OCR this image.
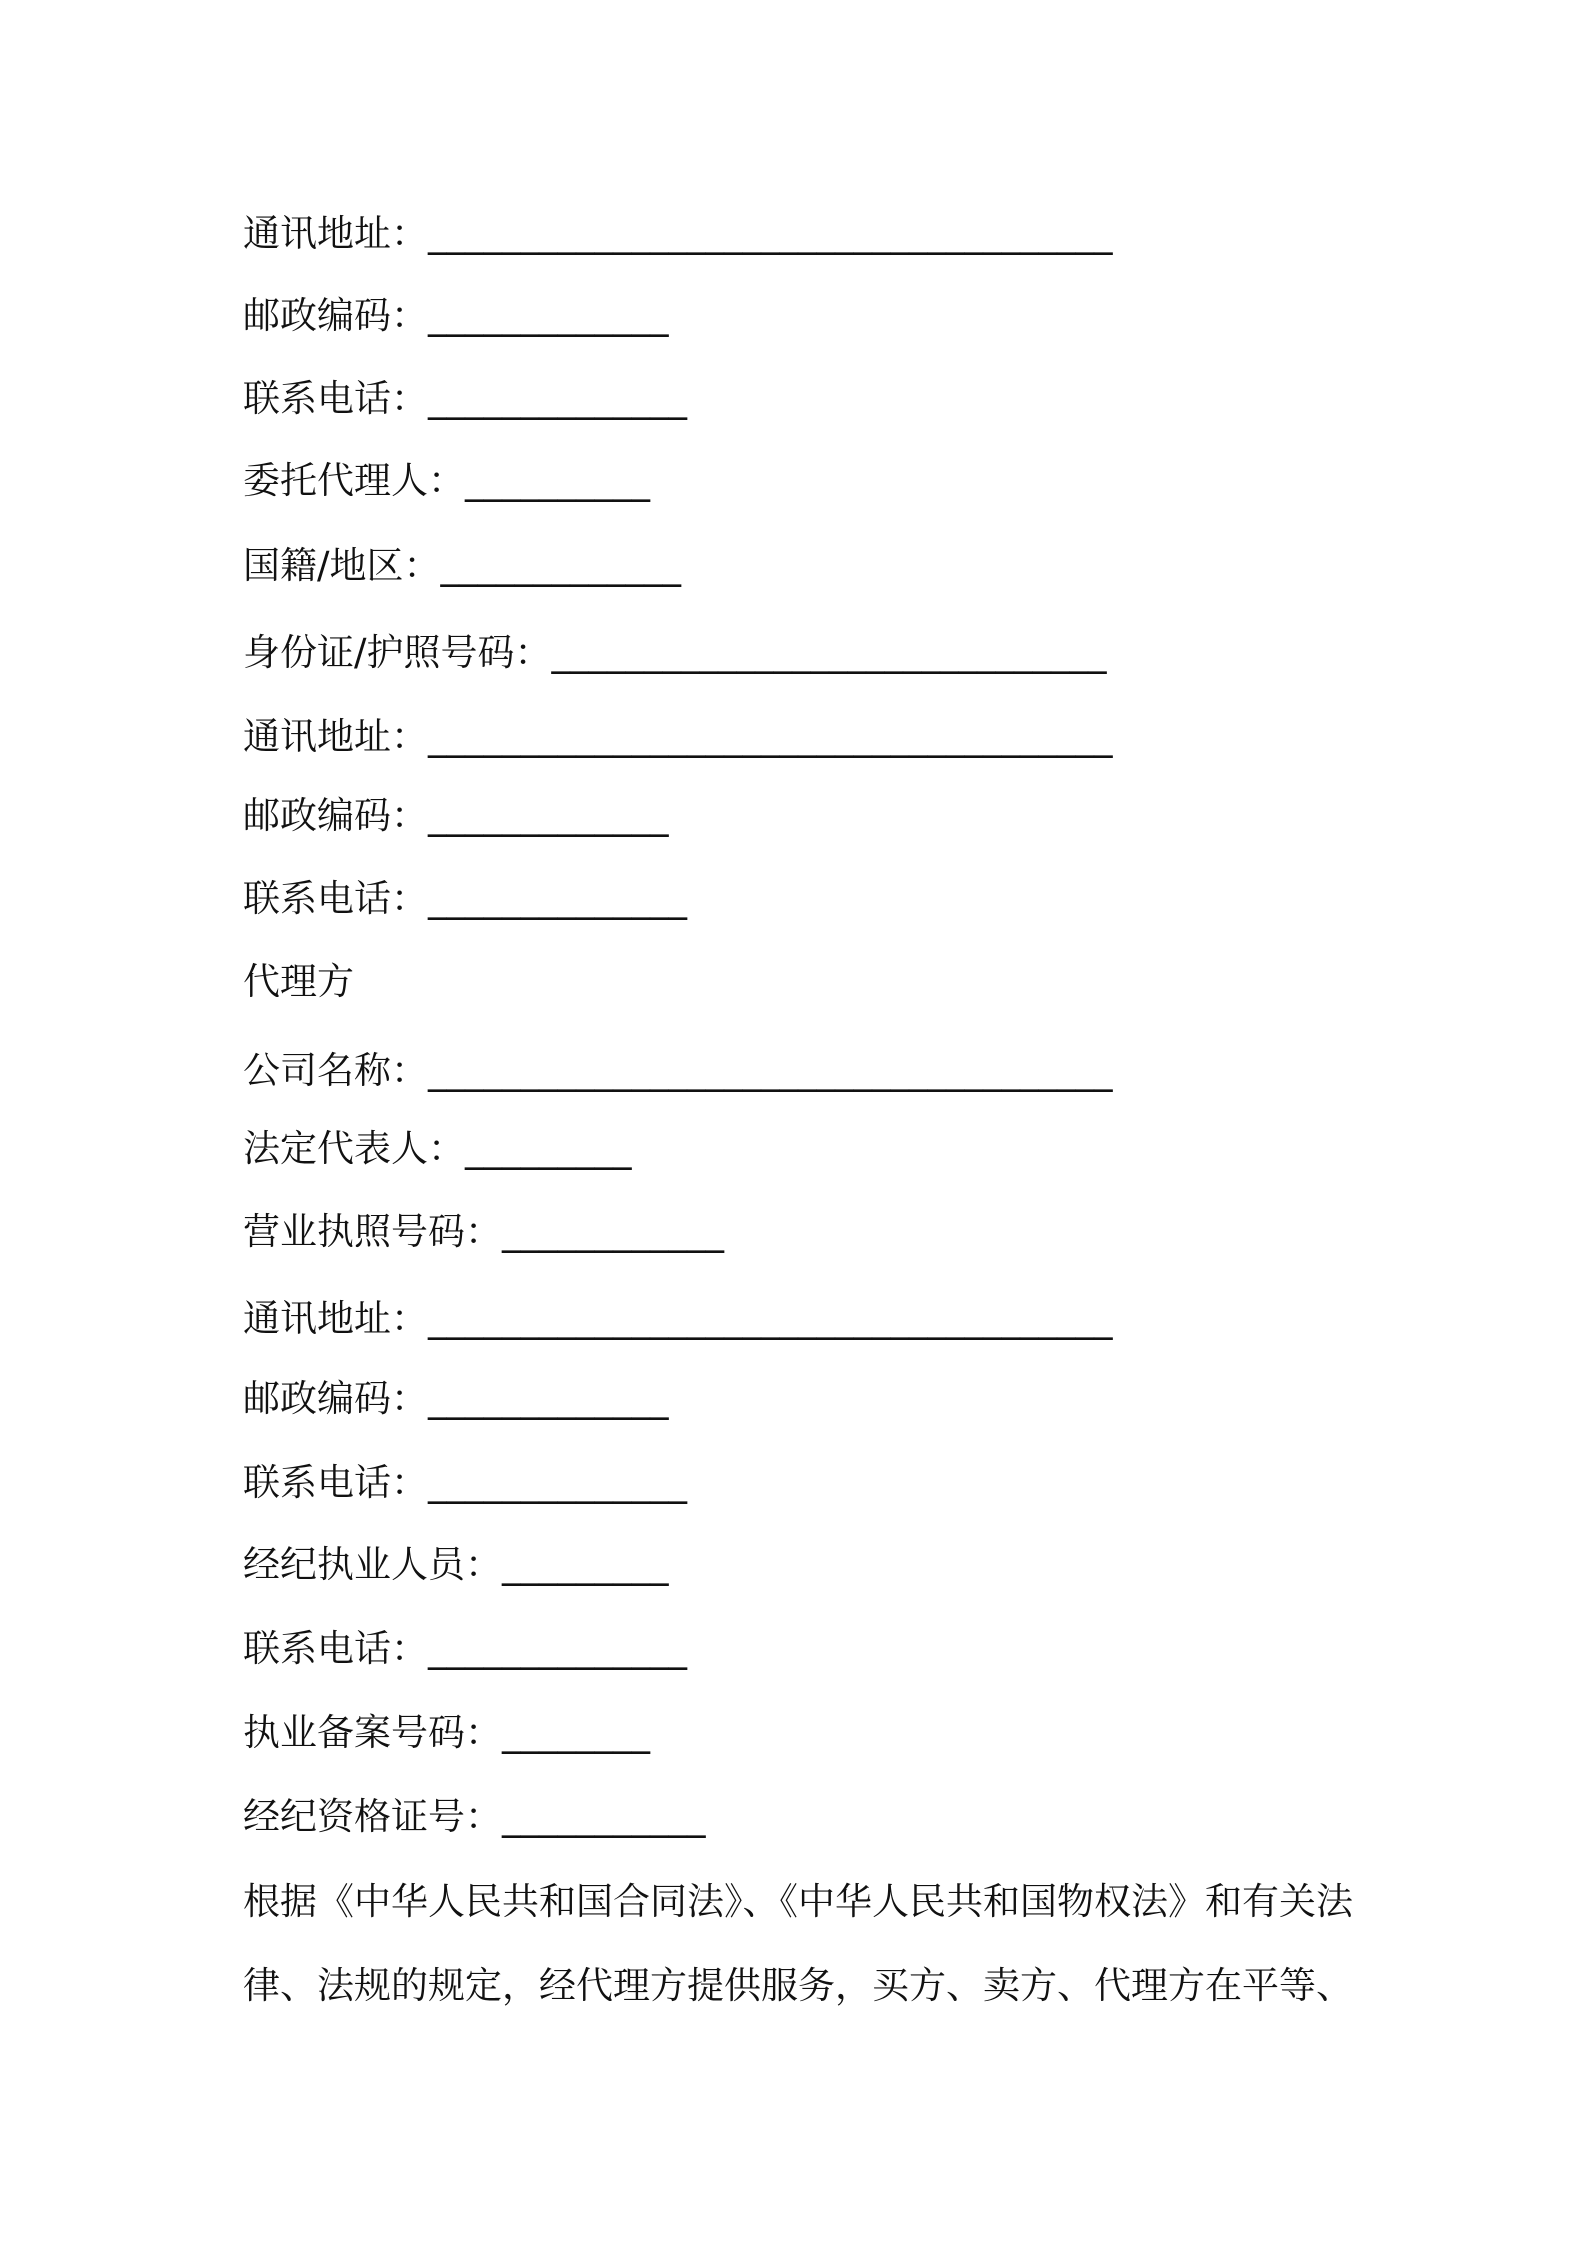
通讯地址：_____________________________________
邮政编码：_____________
联系电话：______________
委托代理人：__________
国籍/地区：_____________
身份证/护照号码：______________________________
通讯地址：_____________________________________
邮政编码：_____________
联系电话：______________
代理方
公司名称：_____________________________________
法定代表人：_________
营业执照号码：____________
通讯地址：_____________________________________
邮政编码：_____________
联系电话：______________
经纪执业人员：_________
联系电话：______________
执业备案号码：________
经纪资格证号：___________
根据《中华人民共和国合同法》、《中华人民共和国物权法》和有关法
律、法规的规定，经代理方提供服务，买方、卖方、代理方在平等、
